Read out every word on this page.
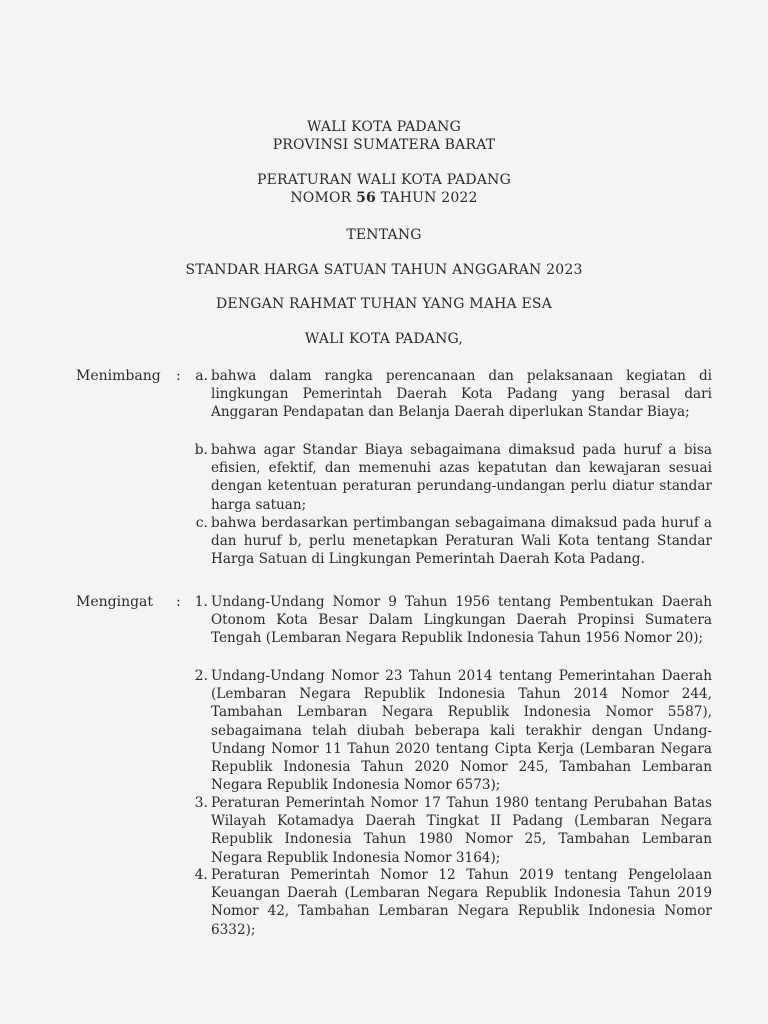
WALI KOTA PADANG
PROVINSI SUMATERA BARAT
PERATURAN WALI KOTA PADANG
NOMOR 56 TAHUN 2022
TENTANG
STANDAR HARGA SATUAN TAHUN ANGGARAN 2023
DENGAN RAHMAT TUHAN YANG MAHA ESA
WALI KOTA PADANG,
Menimbang :	a. bahwa dalam rangka perencanaan dan pelaksanaan kegiatan di lingkungan Pemerintah Daerah Kota Padang yang berasal dari Anggaran Pendapatan dan Belanja Daerah diperlukan Standar Biaya;
b. bahwa agar Standar Biaya sebagaimana dimaksud pada huruf a bisa efisien, efektif, dan memenuhi azas kepatutan dan kewajaran sesuai dengan ketentuan peraturan perundang-undangan perlu diatur standar harga satuan;
c. bahwa berdasarkan pertimbangan sebagaimana dimaksud pada huruf a dan huruf b, perlu menetapkan Peraturan Wali Kota tentang Standar Harga Satuan di Lingkungan Pemerintah Daerah Kota Padang.
Mengingat : 1. Undang-Undang Nomor 9 Tahun 1956 tentang Pembentukan Daerah Otonom Kota Besar Dalam Lingkungan Daerah Propinsi Sumatera Tengah (Lembaran Negara Republik Indonesia Tahun 1956 Nomor 20);
2. Undang-Undang Nomor 23 Tahun 2014 tentang Pemerintahan Daerah (Lembaran Negara Republik Indonesia Tahun 2014 Nomor 244, Tambahan Lembaran Negara Republik Indonesia Nomor 5587), sebagaimana telah diubah beberapa kali terakhir dengan Undang-Undang Nomor 11 Tahun 2020 tentang Cipta Kerja (Lembaran Negara Republik Indonesia Tahun 2020 Nomor 245, Tambahan Lembaran Negara Republik Indonesia Nomor 6573);
3. Peraturan Pemerintah Nomor 17 Tahun 1980 tentang Perubahan Batas Wilayah Kotamadya Daerah Tingkat II Padang (Lembaran Negara Republik Indonesia Tahun 1980 Nomor 25, Tambahan Lembaran Negara Republik Indonesia Nomor 3164);
4. Peraturan Pemerintah Nomor 12 Tahun 2019 tentang Pengelolaan Keuangan Daerah (Lembaran Negara Republik Indonesia Tahun 2019 Nomor 42, Tambahan Lembaran Negara Republik Indonesia Nomor 6332);
